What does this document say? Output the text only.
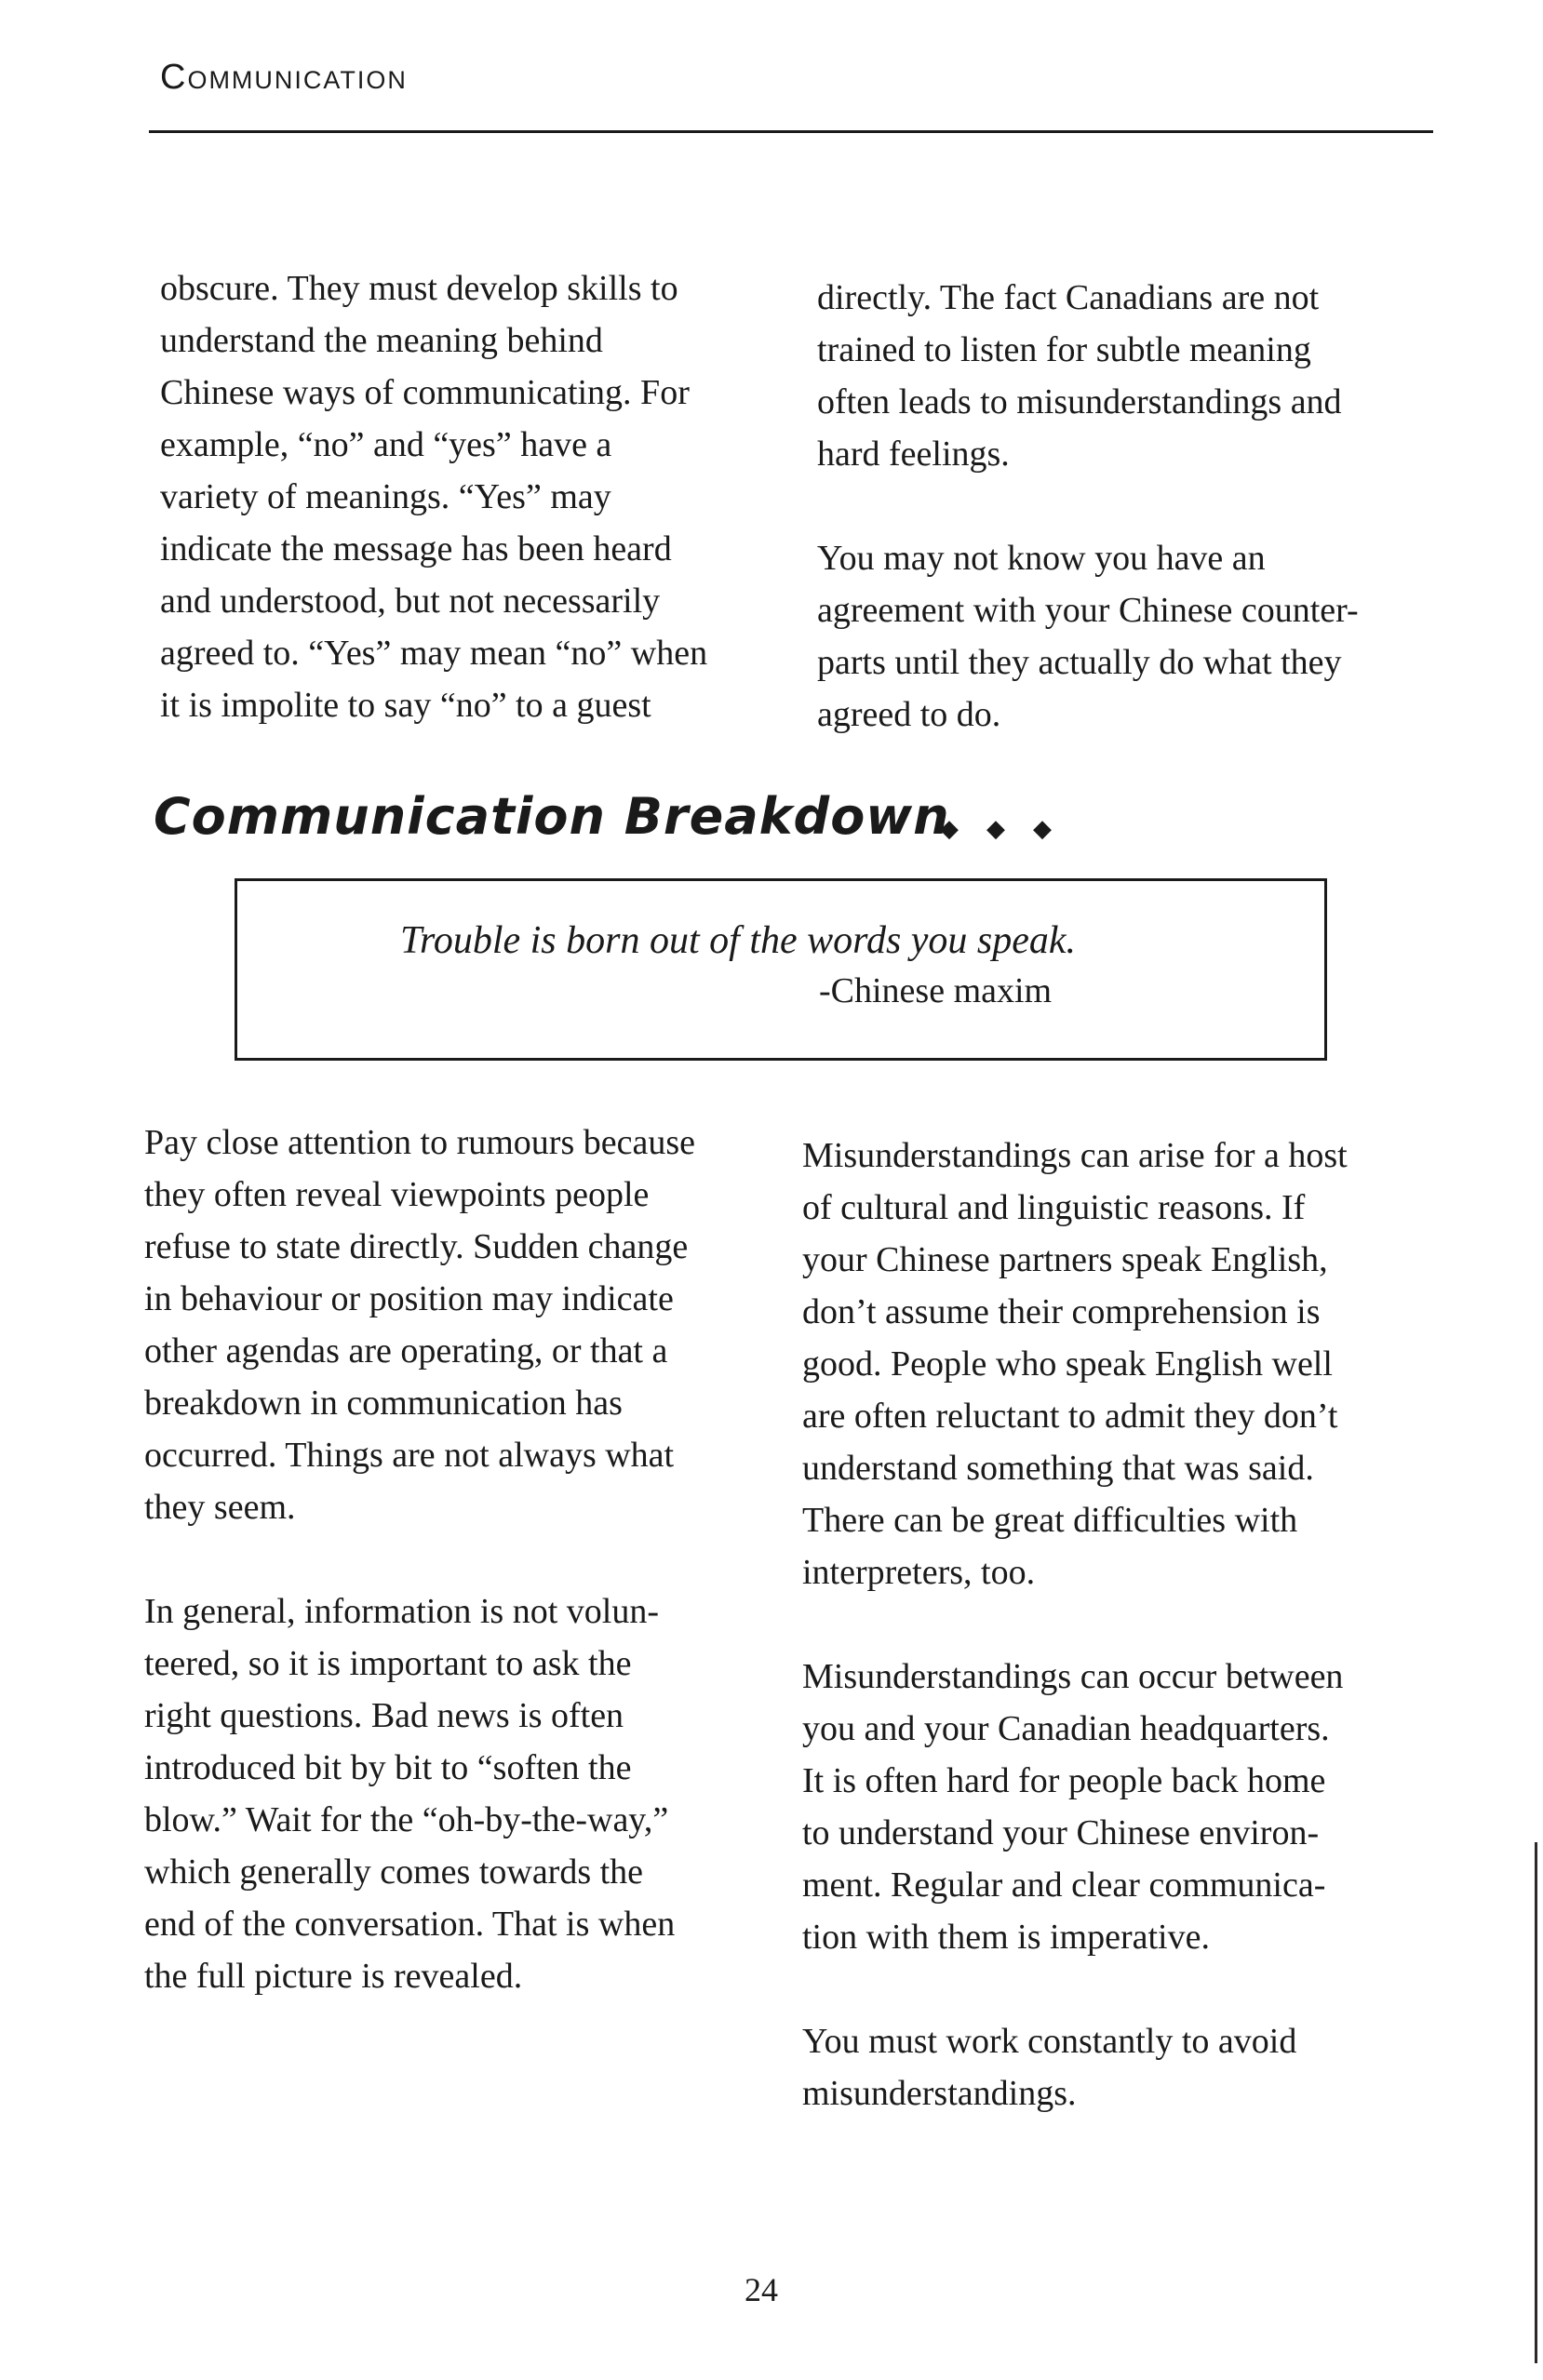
Communication

obscure. They must develop skills to
understand the meaning behind
Chinese ways of communicating. For
example, “no” and “yes” have a
variety of meanings. “Yes” may
indicate the message has been heard
and understood, but not necessarily
agreed to. “Yes” may mean “no” when
it is impolite to say “no” to a guest

directly. The fact Canadians are not
trained to listen for subtle meaning
often leads to misunderstandings and
hard feelings.

You may not know you have an
agreement with your Chinese counter-
parts until they actually do what they
agreed to do.

Communication Breakdown
◆◆◆
Trouble is born out of the words you speak.
-Chinese maxim

Pay close attention to rumours because
they often reveal viewpoints people
refuse to state directly. Sudden change
in behaviour or position may indicate
other agendas are operating, or that a
breakdown in communication has
occurred. Things are not always what
they seem.

In general, information is not volun-
teered, so it is important to ask the
right questions. Bad news is often
introduced bit by bit to “soften the
blow.” Wait for the “oh-by-the-way,”
which generally comes towards the
end of the conversation. That is when
the full picture is revealed.

Misunderstandings can arise for a host
of cultural and linguistic reasons. If
your Chinese partners speak English,
don’t assume their comprehension is
good. People who speak English well
are often reluctant to admit they don’t
understand something that was said.
There can be great difficulties with
interpreters, too.

Misunderstandings can occur between
you and your Canadian headquarters.
It is often hard for people back home
to understand your Chinese environ-
ment. Regular and clear communica-
tion with them is imperative.

You must work constantly to avoid
misunderstandings.

24
